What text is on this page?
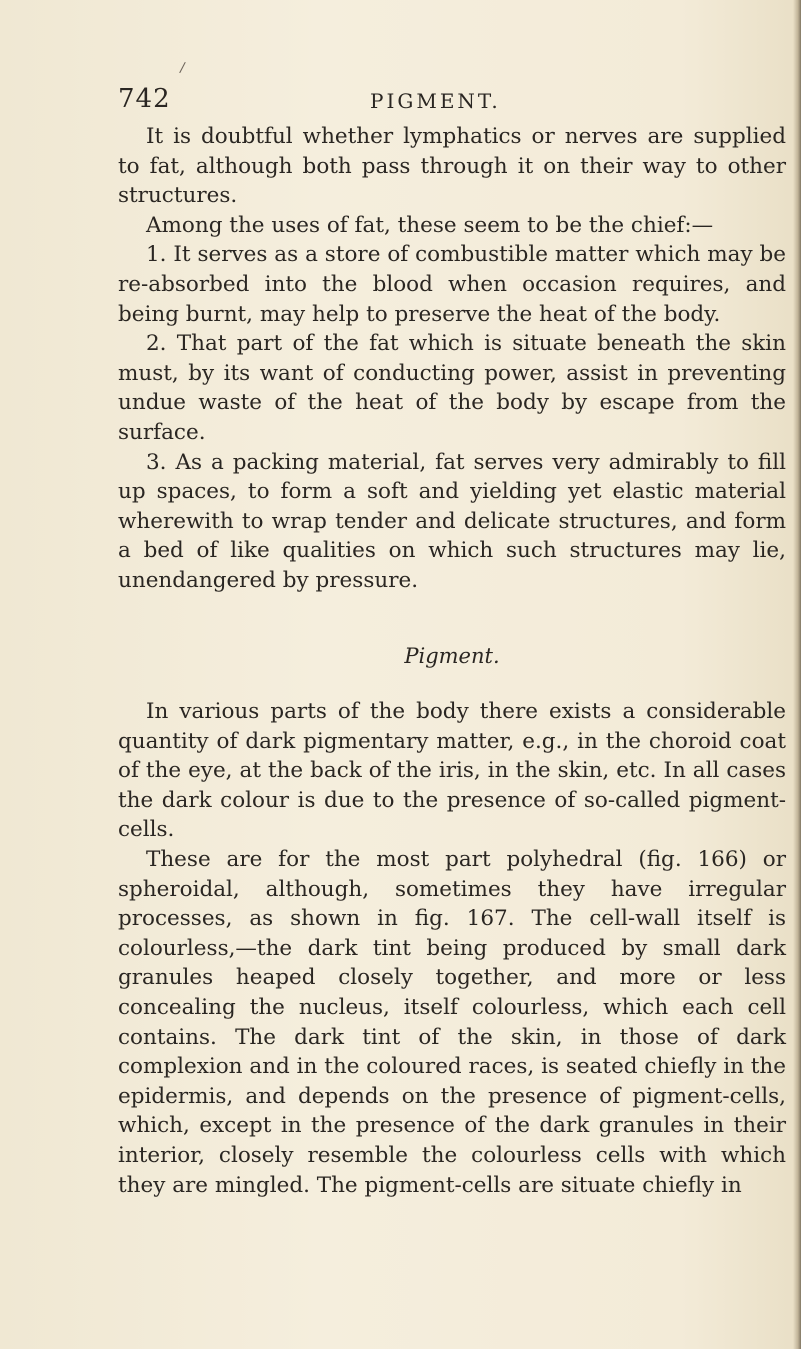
/
742	PIGMENT.

It is doubtful whether lymphatics or nerves are supplied to fat, although both pass through it on their way to other structures.

Among the uses of fat, these seem to be the chief:—

1. It serves as a store of combustible matter which may be re-absorbed into the blood when occasion requires, and being burnt, may help to preserve the heat of the body.

2. That part of the fat which is situate beneath the skin must, by its want of conducting power, assist in preventing undue waste of the heat of the body by escape from the surface.

3. As a packing material, fat serves very admirably to fill up spaces, to form a soft and yielding yet elastic material wherewith to wrap tender and delicate structures, and form a bed of like qualities on which such structures may lie, unendangered by pressure.

Pigment.

In various parts of the body there exists a considerable quantity of dark pigmentary matter, e.g., in the choroid coat of the eye, at the back of the iris, in the skin, etc. In all cases the dark colour is due to the presence of so-called pigment-cells.

These are for the most part polyhedral (fig. 166) or spheroidal, although, sometimes they have irregular processes, as shown in fig. 167. The cell-wall itself is colourless,—the dark tint being produced by small dark granules heaped closely together, and more or less concealing the nucleus, itself colourless, which each cell contains. The dark tint of the skin, in those of dark complexion and in the coloured races, is seated chiefly in the epidermis, and depends on the presence of pigment-cells, which, except in the presence of the dark granules in their interior, closely resemble the colourless cells with which they are mingled. The pigment-cells are situate chiefly in
